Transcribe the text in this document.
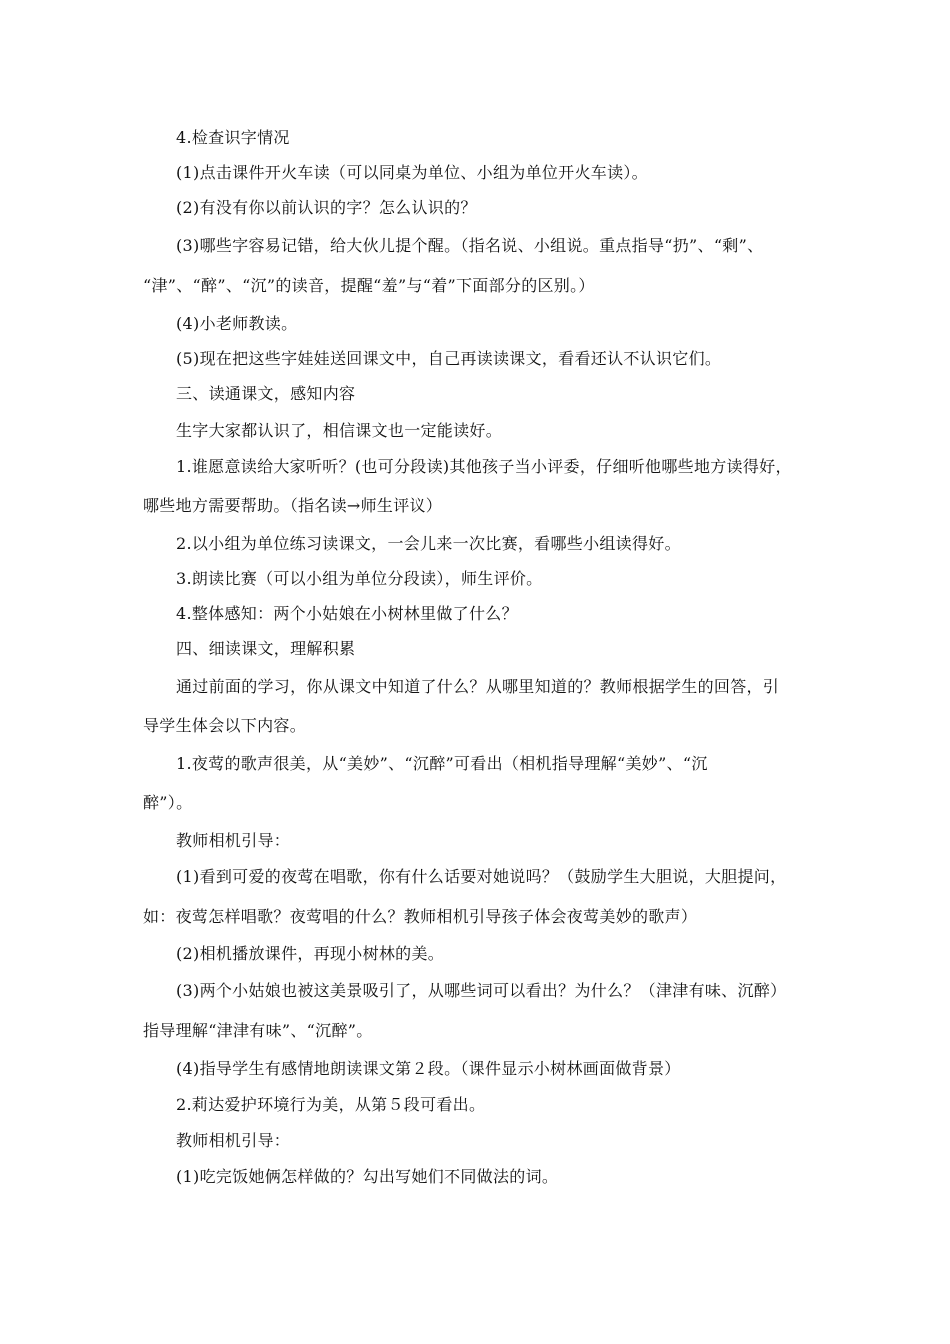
4.检查识字情况
(1)点击课件开火车读（可以同桌为单位、小组为单位开火车读）。
(2)有没有你以前认识的字？怎么认识的？
(3)哪些字容易记错，给大伙儿提个醒。（指名说、小组说。重点指导“扔”、“剩”、
“津”、“醉”、“沉”的读音，提醒“羞”与“着”下面部分的区别。）
(4)小老师教读。
(5)现在把这些字娃娃送回课文中，自己再读读课文，看看还认不认识它们。
三、读通课文，感知内容
生字大家都认识了，相信课文也一定能读好。
1.谁愿意读给大家听听？(也可分段读)其他孩子当小评委，仔细听他哪些地方读得好，
哪些地方需要帮助。（指名读→师生评议）
2.以小组为单位练习读课文，一会儿来一次比赛，看哪些小组读得好。
3.朗读比赛（可以小组为单位分段读），师生评价。
4.整体感知：两个小姑娘在小树林里做了什么？
四、细读课文，理解积累
通过前面的学习，你从课文中知道了什么？从哪里知道的？教师根据学生的回答，引
导学生体会以下内容。
1.夜莺的歌声很美，从“美妙”、“沉醉”可看出（相机指导理解“美妙”、“沉
醉”）。
教师相机引导：
(1)看到可爱的夜莺在唱歌，你有什么话要对她说吗？（鼓励学生大胆说，大胆提问，
如：夜莺怎样唱歌？夜莺唱的什么？教师相机引导孩子体会夜莺美妙的歌声）
(2)相机播放课件，再现小树林的美。
(3)两个小姑娘也被这美景吸引了，从哪些词可以看出？为什么？（津津有味、沉醉）
指导理解“津津有味”、“沉醉”。
(4)指导学生有感情地朗读课文第２段。（课件显示小树林画面做背景）
2.莉达爱护环境行为美，从第５段可看出。
教师相机引导：
(1)吃完饭她俩怎样做的？勾出写她们不同做法的词。
